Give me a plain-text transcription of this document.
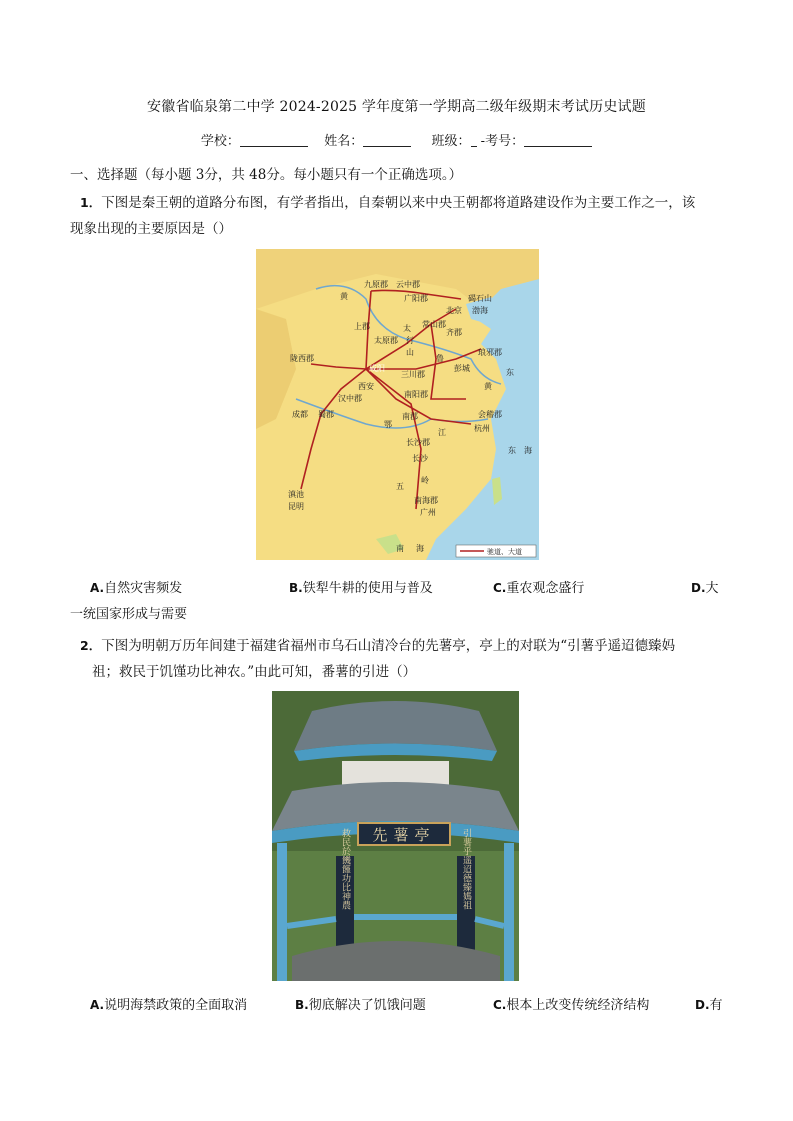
安徽省临泉第二中学 2024-2025 学年度第一学期高二级年级期末考试历史试题
学校：	姓名：	班级： -考号：
一、选择题（每小题 3分，共 48分。每小题只有一个正确选项。）
1．下图是秦王朝的道路分布图，有学者指出，自秦朝以来中央王朝都将道路建设作为主要工作之一，该
现象出现的主要原因是（）
驰道、大道
九原郡 云中郡
广阳郡	碣石山
北京 渤海
上郡	常山郡
太	齐郡
太原郡 行
山	琅邪郡
陇西郡
咸阳
鲁
彭城
三川郡
西安
汉中郡	南阳郡
蜀郡
成都	南郡	会稽郡
杭州
江
长沙郡
长沙
五
岭
南海郡
广州
滇池
昆明
黄
黄
东
东 海
南 海
鄂
A.自然灾害频发	B.铁犁牛耕的使用与普及	C.重农观念盛行	D.大
一统国家形成与需要
2．下图为明朝万历年间建于福建省福州市乌石山清冷台的先薯亭，亭上的对联为“引薯乎遥迢德臻妈
祖；救民于饥馑功比神农。”由此可知，番薯的引进（）
先薯亭
救民於饑饉功比神農	引薯乎遥迢德臻媽祖
A.说明海禁政策的全面取消	B.彻底解决了饥饿问题	C.根本上改变传统经济结构	D.有
